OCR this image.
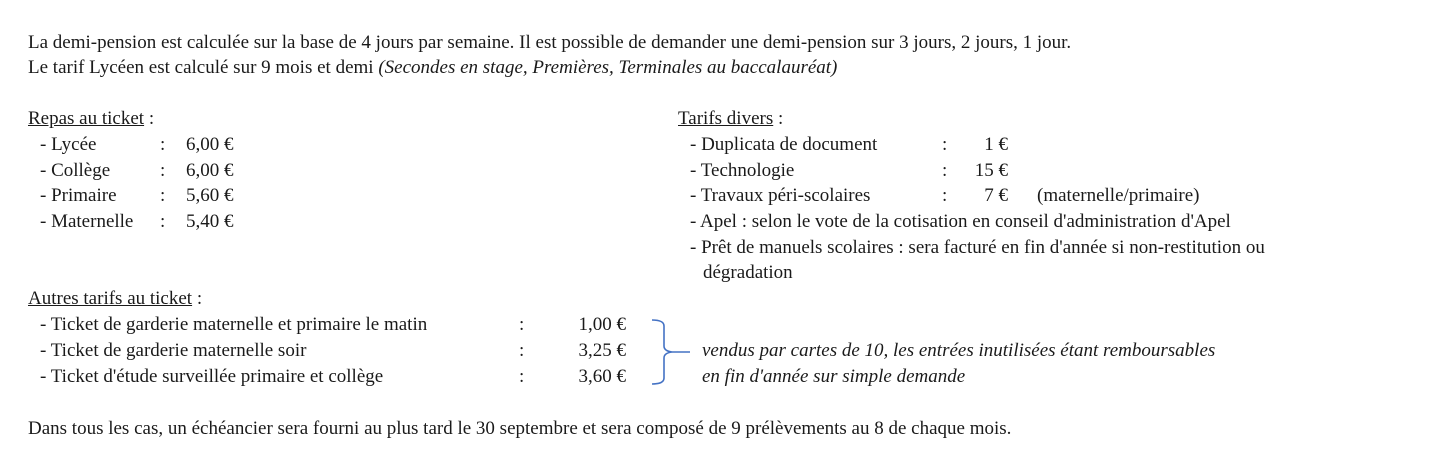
La demi-pension est calculée sur la base de 4 jours par semaine. Il est possible de demander une demi-pension sur 3 jours, 2 jours, 1 jour.
Le tarif Lycéen est calculé sur 9 mois et demi (Secondes en stage, Premières, Terminales au baccalauréat)
Repas au ticket :
- Lycée	: 6,00 €
- Collège	: 6,00 €
- Primaire : 5,60 €
- Maternelle : 5,40 €
Tarifs divers :
- Duplicata de document	:	1 €
- Technologie	:	15 €
- Travaux péri-scolaires	:	7 € (maternelle/primaire)
- Apel : selon le vote de la cotisation en conseil d'administration d'Apel
- Prêt de manuels scolaires : sera facturé en fin d'année si non-restitution ou
dégradation
Autres tarifs au ticket :
- Ticket de garderie maternelle et primaire le matin	:	1,00 €
- Ticket de garderie maternelle soir	:	3,25 €
- Ticket d'étude surveillée primaire et collège	:	3,60 €
vendus par cartes de 10, les entrées inutilisées étant remboursables
en fin d'année sur simple demande
Dans tous les cas, un échéancier sera fourni au plus tard le 30 septembre et sera composé de 9 prélèvements au 8 de chaque mois.
